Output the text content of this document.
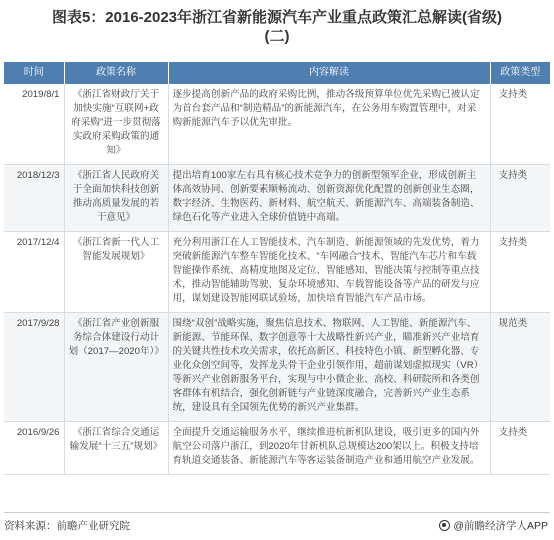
图表5：2016-2023年浙江省新能源汽车产业重点政策汇总解读(省级)
(二)
时间	政策名称	内容解读	政策类型
2019/8/1	《浙江省财政厅关于加快实施“互联网+政府采购”进一步贯彻落实政府采购政策的通知》	逐步提高创新产品的政府采购比例，推动各级预算单位优先采购已被认定为首台套产品和“制造精品”的新能源汽车，在公务用车购置管理中，对采购新能源汽车予以优先审批。	支持类
2018/12/3	《浙江省人民政府关于全面加快科技创新推动高质量发展的若干意见》	提出培育100家左右具有核心技术竞争力的创新型领军企业，形成创新主体高效协同、创新要素顺畅流动、创新资源优化配置的创新创业生态圈，数字经济、生物医药、新材料、航空航天、新能源汽车、高端装备制造、绿色石化等产业进入全球价值链中高端。	支持类
2017/12/4	《浙江省新一代人工智能发展规划》	充分利用浙江在人工智能技术、汽车制造、新能源领域的先发优势，着力突破新能源汽车整车智能化技术、“车网融合”技术、智能汽车芯片和车载智能操作系统、高精度地图及定位、智能感知、智能决策与控制等重点技术，推动智能辅助驾驶、复杂环境感知、车载智能设备等产品的研发与应用，谋划建设智能网联试验场，加快培育智能汽车产品市场。	支持类
2017/9/28	《浙江省产业创新服务综合体建设行动计划（2017—2020年）》	围绕“双创”战略实施，聚焦信息技术、物联网、人工智能、新能源汽车、新能源、节能环保、数字创意等十大战略性新兴产业，瞄准新兴产业培育的关键共性技术攻关需求，依托高新区、科技特色小镇、新型孵化器、专业化众创空间等，发挥龙头骨干企业引领作用，超前谋划虚拟现实（VR）等新兴产业创新服务平台，实现与中小微企业、高校、科研院所和各类创客群体有机结合，强化创新链与产业链深度融合，完善新兴产业生态系统，建设具有全国领先优势的新兴产业集群。	规范类
2016/9/26	《浙江省综合交通运输发展“十三五”规划》	全面提升交通运输服务水平，继续推进杭新机队建设，吸引更多的国内外航空公司落户浙江，到2020年甘新机队总规模达200架以上。积极支持培育轨道交通装备、新能源汽车等客运装备制造产业和通用航空产业发展。	支持类
资料来源：前瞻产业研究院	@前瞻经济学人APP
